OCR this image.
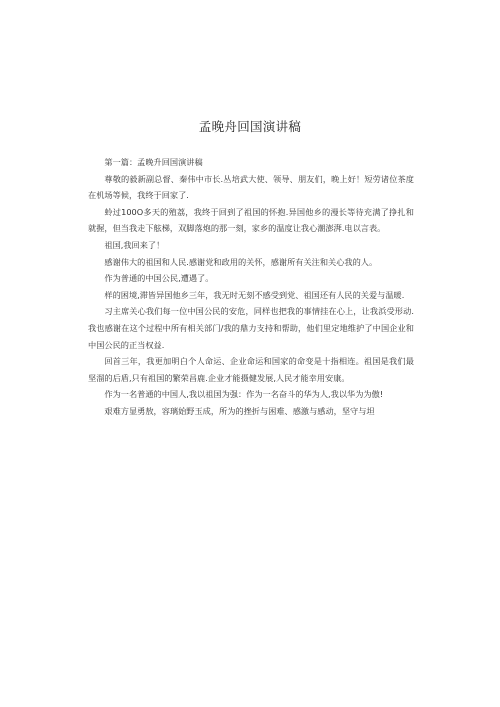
孟晚舟回国演讲稿

第一篇：孟晚升回国演讲稿

尊敬的毅新副总督、秦伟中市长.丛培武大使、领导、朋友们，晚上好！短劳诸位茶度在机场等候，我终于回家了.

蛉过100O多天的殖荔，我终于回到了祖国的怀抱.异国他乡的漫长等待充满了挣扎和就握，但当我走下舷梯，双脚落炮的那一刻，家乡的温度让我心潮澎湃.电以言表。

祖国,我回来了！

感谢伟大的祖国和人民.感谢党和政用的关怀，感谢所有关注和关心我的人。

作为普通的中国公民,遭遇了。

样的困境,滞皆异国他乡三年，我无时无刻不感受到党、祖国还有人民的关爱与温暖.

习主席关心我们每一位中国公民的安危，同样也把我的事情挂在心上，让我浜受形动.我也感谢在这个过程中所有相关部门/我的鼎力支持和帮助，他们里定地维护了中国企业和中国公民的正当权益.

回首三年，我更加明白个人命运、企业命运和国家的命变是十指相连。祖国是我们最坚溜的后盾,只有祖国的繁荣昌鹿.企业才能摄健发展,人民才能幸用安康。

作为一名普通的中国人,我以祖国为强：作为一名奋斗的华为人,我以华为为傲!

艰难方显勇敖，容璃始野玉成，所为的挫折与困难、感激与感动，坚守与坦
